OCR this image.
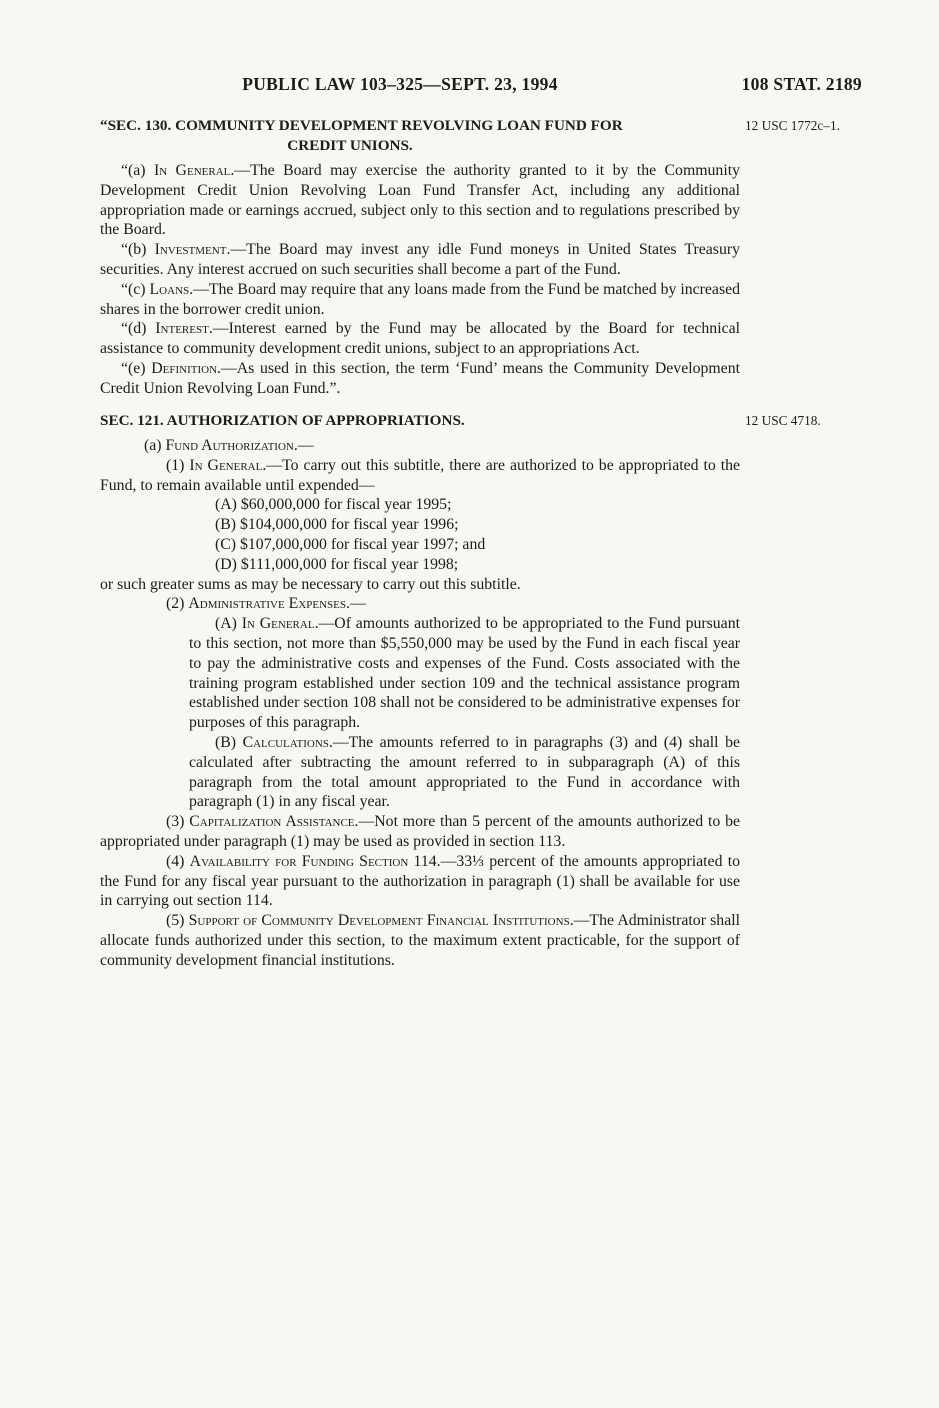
PUBLIC LAW 103–325—SEPT. 23, 1994	108 STAT. 2189
“SEC. 130. COMMUNITY DEVELOPMENT REVOLVING LOAN FUND FOR
CREDIT UNIONS.
12 USC 1772c–1.

“(a) In General.—The Board may exercise the authority granted to it by the Community Development Credit Union Revolving Loan Fund Transfer Act, including any additional appropriation made or earnings accrued, subject only to this section and to regulations prescribed by the Board.

“(b) Investment.—The Board may invest any idle Fund moneys in United States Treasury securities. Any interest accrued on such securities shall become a part of the Fund.

“(c) Loans.—The Board may require that any loans made from the Fund be matched by increased shares in the borrower credit union.

“(d) Interest.—Interest earned by the Fund may be allocated by the Board for technical assistance to community development credit unions, subject to an appropriations Act.

“(e) Definition.—As used in this section, the term ‘Fund’ means the Community Development Credit Union Revolving Loan Fund.”.

SEC. 121. AUTHORIZATION OF APPROPRIATIONS.	12 USC 4718.

(a) Fund Authorization.—

(1) In General.—To carry out this subtitle, there are authorized to be appropriated to the Fund, to remain available until expended—

(A) $60,000,000 for fiscal year 1995;

(B) $104,000,000 for fiscal year 1996;

(C) $107,000,000 for fiscal year 1997; and

(D) $111,000,000 for fiscal year 1998;

or such greater sums as may be necessary to carry out this subtitle.

(2) Administrative Expenses.—

(A) In General.—Of amounts authorized to be appropriated to the Fund pursuant to this section, not more than $5,550,000 may be used by the Fund in each fiscal year to pay the administrative costs and expenses of the Fund. Costs associated with the training program established under section 109 and the technical assistance program established under section 108 shall not be considered to be administrative expenses for purposes of this paragraph.

(B) Calculations.—The amounts referred to in paragraphs (3) and (4) shall be calculated after subtracting the amount referred to in subparagraph (A) of this paragraph from the total amount appropriated to the Fund in accordance with paragraph (1) in any fiscal year.

(3) Capitalization Assistance.—Not more than 5 percent of the amounts authorized to be appropriated under paragraph (1) may be used as provided in section 113.

(4) Availability for Funding Section 114.—33⅓ percent of the amounts appropriated to the Fund for any fiscal year pursuant to the authorization in paragraph (1) shall be available for use in carrying out section 114.

(5) Support of Community Development Financial Institutions.—The Administrator shall allocate funds authorized under this section, to the maximum extent practicable, for the support of community development financial institutions.
